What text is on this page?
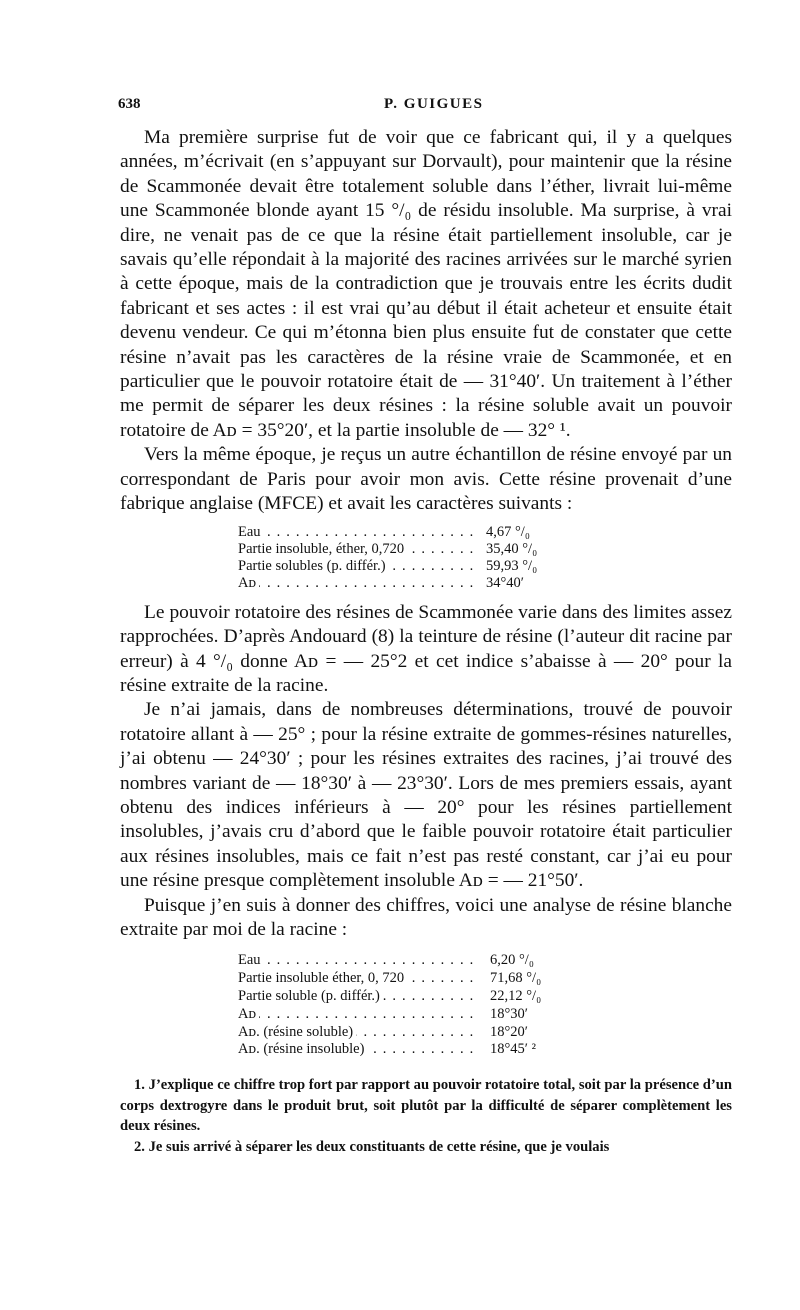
638	P. GUIGUES

Ma première surprise fut de voir que ce fabricant qui, il y a quelques années, m’écrivait (en s’appuyant sur Dorvault), pour maintenir que la résine de Scammonée devait être totalement soluble dans l’éther, livrait lui-même une Scammonée blonde ayant 15 °/₀ de résidu insoluble. Ma surprise, à vrai dire, ne venait pas de ce que la résine était partiellement insoluble, car je savais qu’elle répondait à la majorité des racines arrivées sur le marché syrien à cette époque, mais de la contradiction que je trouvais entre les écrits dudit fabricant et ses actes : il est vrai qu’au début il était acheteur et ensuite était devenu vendeur. Ce qui m’étonna bien plus ensuite fut de constater que cette résine n’avait pas les caractères de la résine vraie de Scammonée, et en particulier que le pouvoir rotatoire était de — 31°40′. Un traitement à l’éther me permit de séparer les deux résines : la résine soluble avait un pouvoir rotatoire de Aᴅ = 35°20′, et la partie insoluble de — 32° ¹.

Vers la même époque, je reçus un autre échantillon de résine envoyé par un correspondant de Paris pour avoir mon avis. Cette résine provenait d’une fabrique anglaise (MFCE) et avait les caractères suivants :

Eau . . .	4,67 °/₀
Partie insoluble, éther, 0,720 . . .	35,40 °/₀
Partie solubles (p. différ.) . . .	59,93 °/₀
Aᴅ . . .	34°40′

Le pouvoir rotatoire des résines de Scammonée varie dans des limites assez rapprochées. D’après Andouard (8) la teinture de résine (l’auteur dit racine par erreur) à 4 °/₀ donne Aᴅ = — 25°2 et cet indice s’abaisse à — 20° pour la résine extraite de la racine.

Je n’ai jamais, dans de nombreuses déterminations, trouvé de pouvoir rotatoire allant à — 25° ; pour la résine extraite de gommes-résines naturelles, j’ai obtenu — 24°30′ ; pour les résines extraites des racines, j’ai trouvé des nombres variant de — 18°30′ à — 23°30′. Lors de mes premiers essais, ayant obtenu des indices inférieurs à — 20° pour les résines partiellement insolubles, j’avais cru d’abord que le faible pouvoir rotatoire était particulier aux résines insolubles, mais ce fait n’est pas resté constant, car j’ai eu pour une résine presque complètement insoluble Aᴅ = — 21°50′.

Puisque j’en suis à donner des chiffres, voici une analyse de résine blanche extraite par moi de la racine :

Eau . . .	6,20 °/₀
Partie insoluble éther, 0, 720 . . .	71,68 °/₀
Partie soluble (p. différ.) . . .	22,12 °/₀
Aᴅ . . .	18°30′
Aᴅ. (résine soluble) . . .	18°20′
Aᴅ. (résine insoluble) . . .	18°45′ ²

1. J’explique ce chiffre trop fort par rapport au pouvoir rotatoire total, soit par la présence d’un corps dextrogyre dans le produit brut, soit plutôt par la difficulté de séparer complètement les deux résines.

2. Je suis arrivé à séparer les deux constituants de cette résine, que je voulais
